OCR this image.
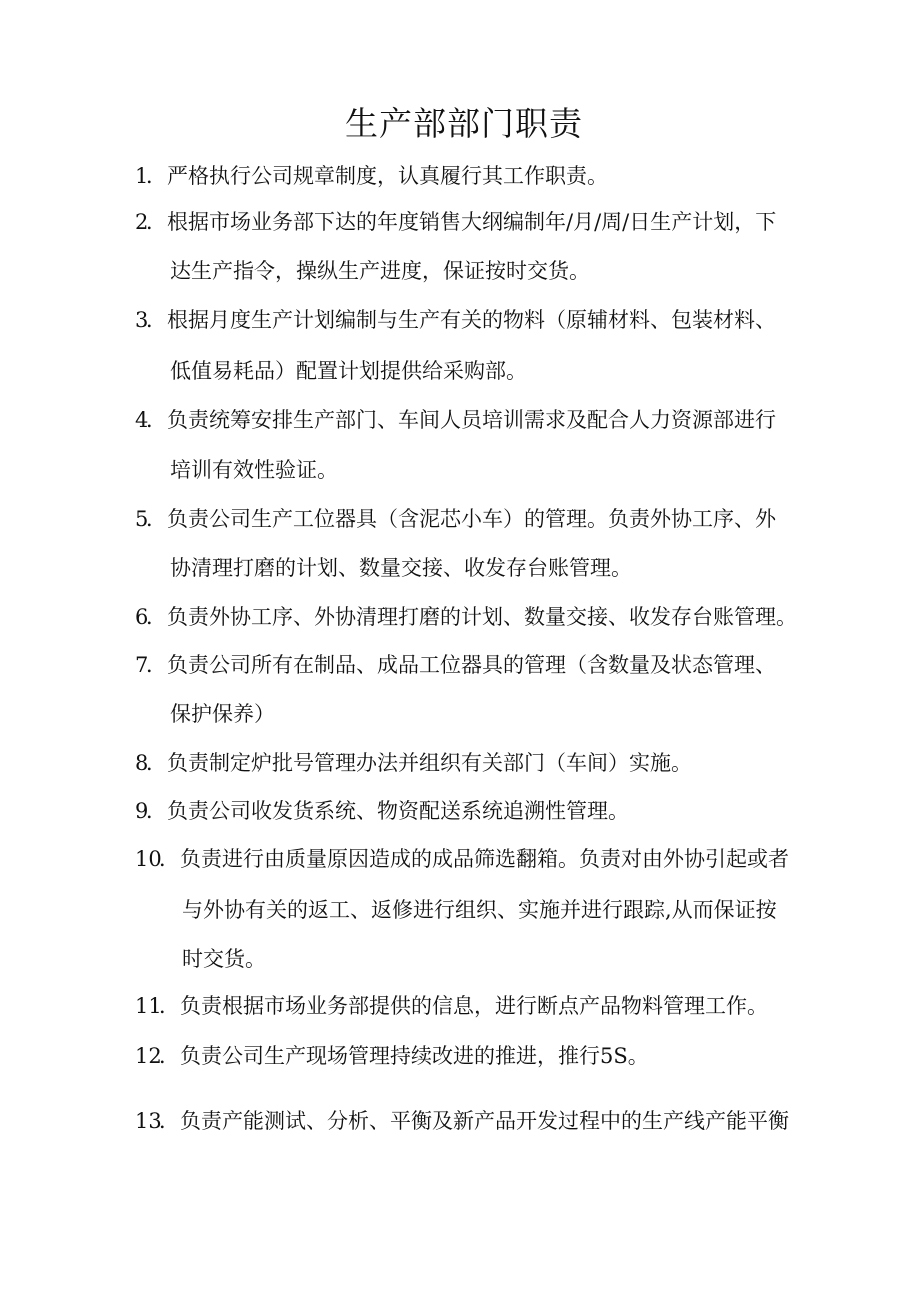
生产部部门职责
1
．严格执行公司规章制度，认真履行其工作职责。
2
．根据市场业务部下达的年度销售大纲编制年/月/周/日生产计划，下
达生产指令，操纵生产进度，保证按时交货。
3
．根据月度生产计划编制与生产有关的物料（原辅材料、包装材料、
低值易耗品）配置计划提供给采购部。
4
．负责统筹安排生产部门、车间人员培训需求及配合人力资源部进行
培训有效性验证。
5
．负责公司生产工位器具（含泥芯小车）的管理。负责外协工序、外
协清理打磨的计划、数量交接、收发存台账管理。
6
．负责外协工序、外协清理打磨的计划、数量交接、收发存台账管理。
7
．负责公司所有在制品、成品工位器具的管理（含数量及状态管理、
保护保养）
8
．负责制定炉批号管理办法并组织有关部门（车间）实施。
9
．负责公司收发货系统、物资配送系统追溯性管理。
10
．负责进行由质量原因造成的成品筛选翻箱。负责对由外协引起或者
与外协有关的返工、返修进行组织、实施并进行跟踪,从而保证按
时交货。
11
．负责根据市场业务部提供的信息，进行断点产品物料管理工作。
12
．负责公司生产现场管理持续改进的推进，推行5S。
13
．负责产能测试、分析、平衡及新产品开发过程中的生产线产能平衡
